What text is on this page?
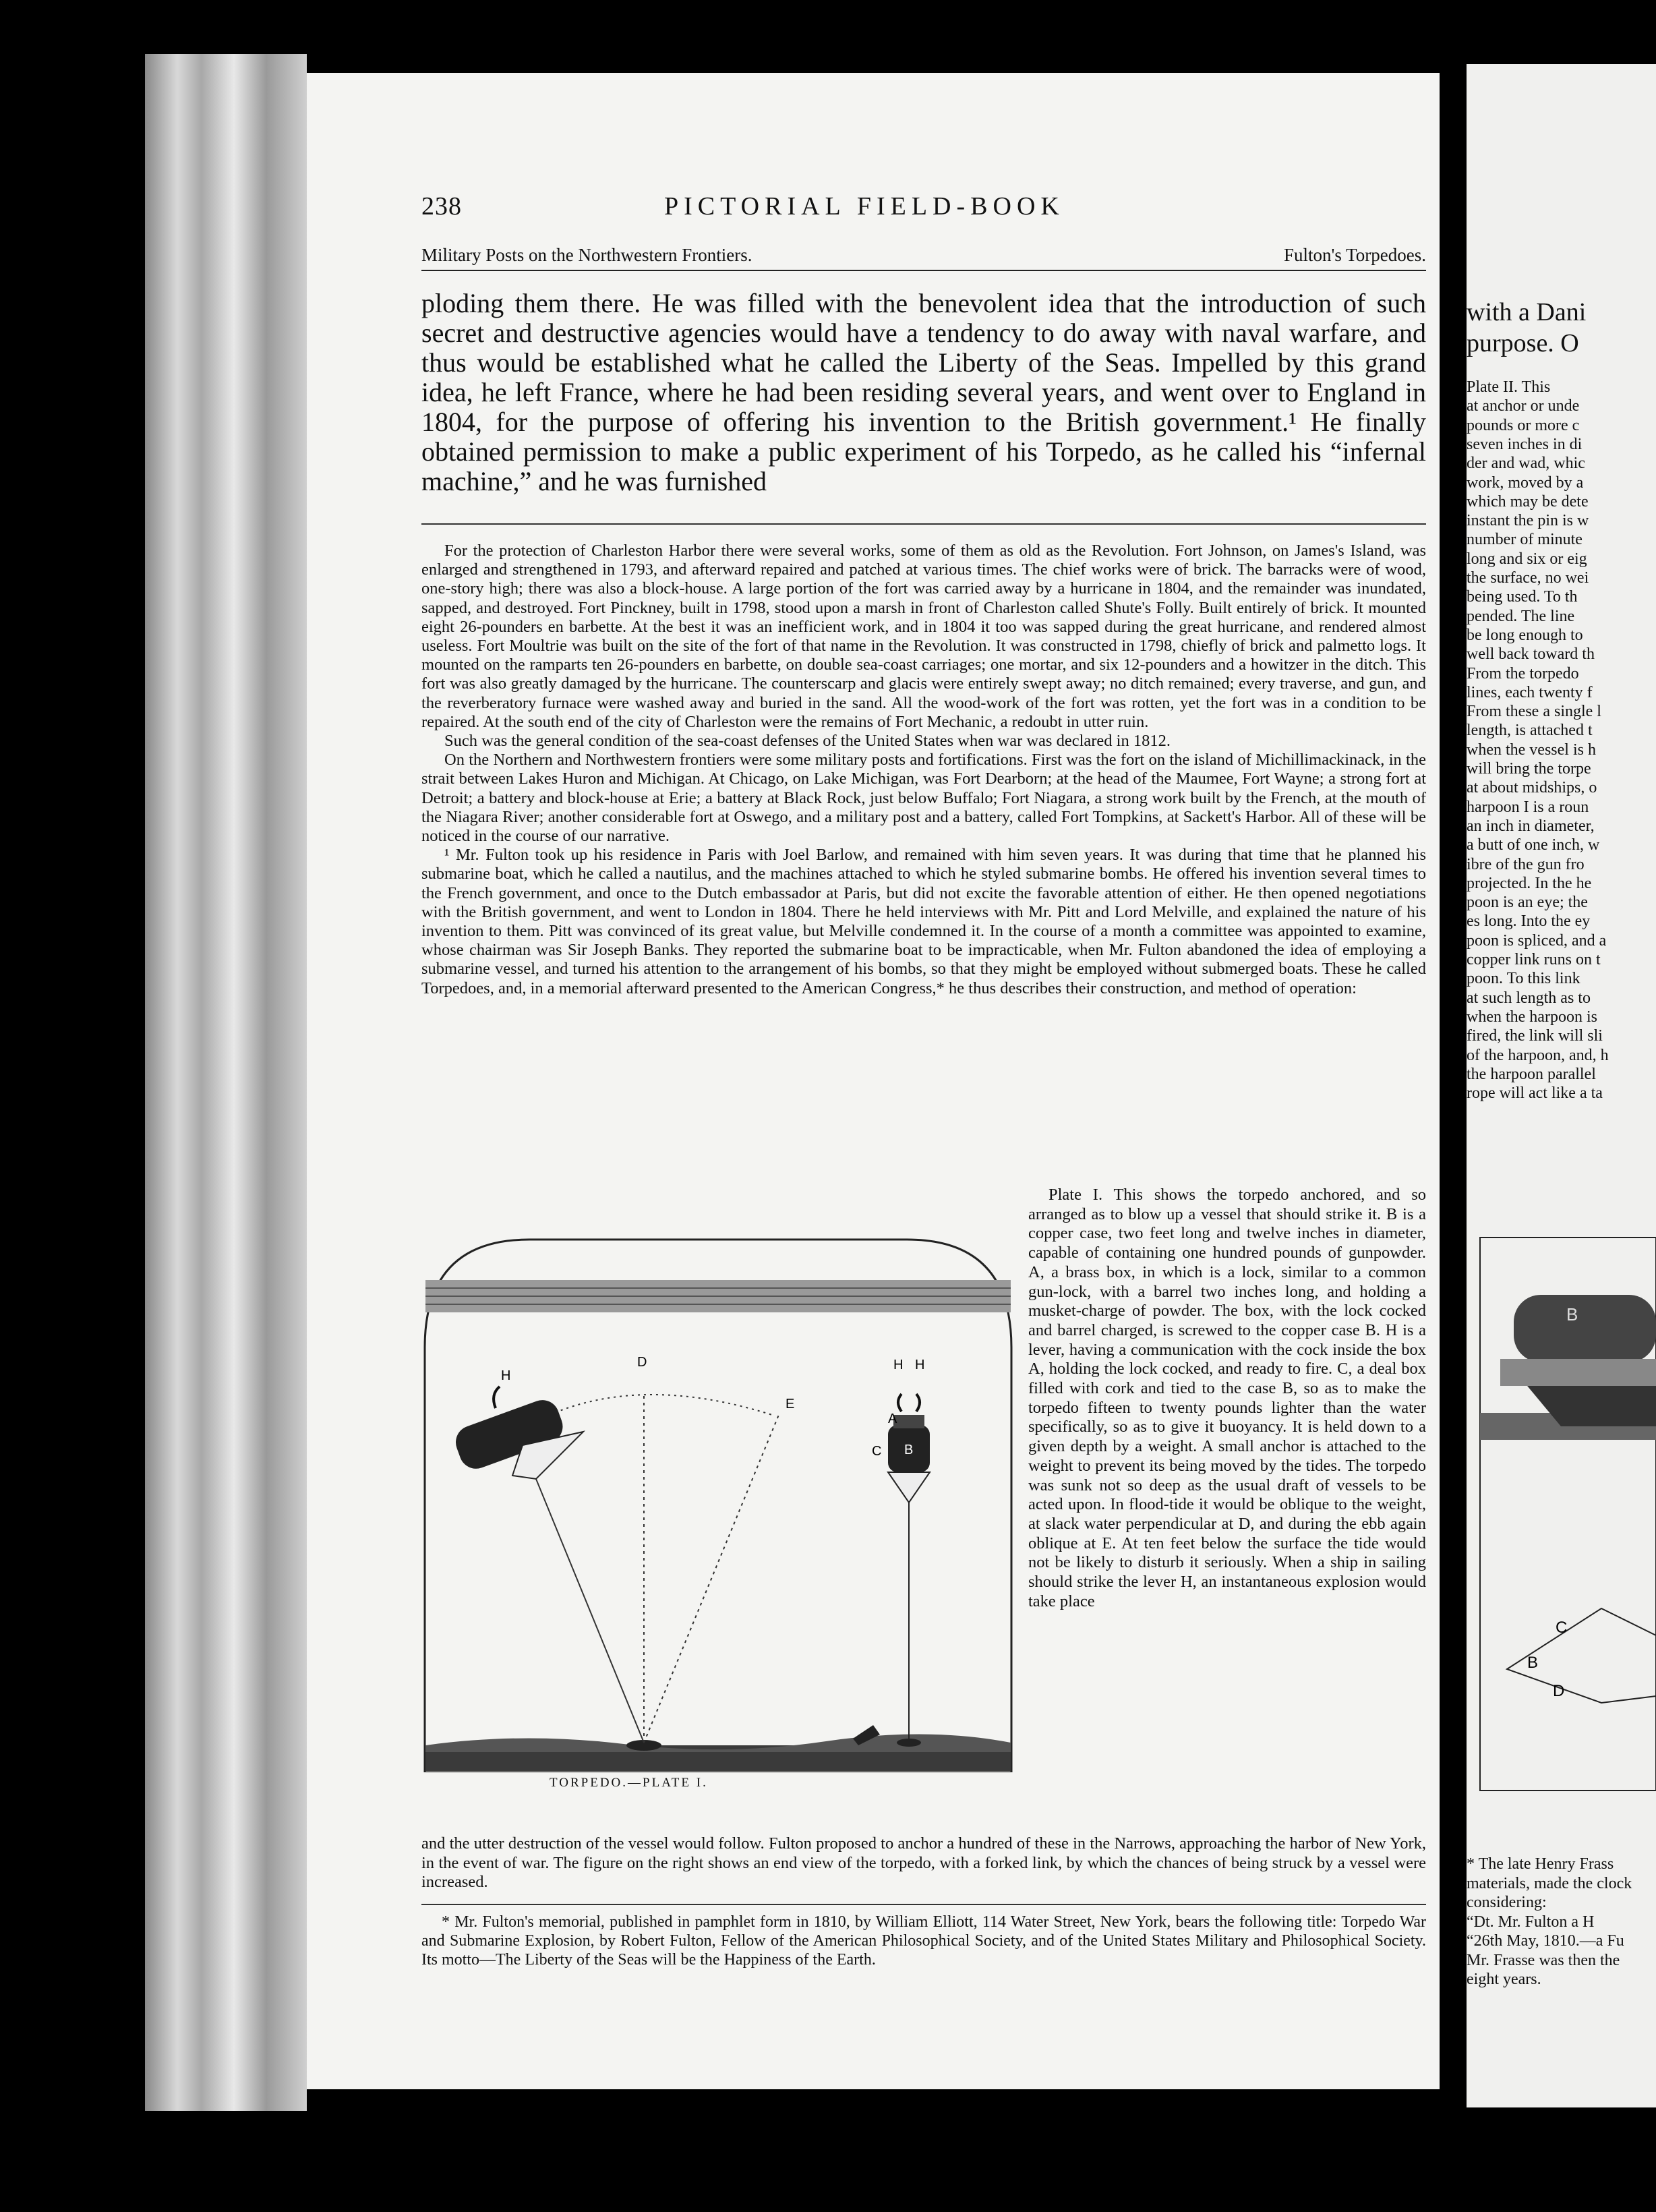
238	PICTORIAL FIELD-BOOK
Military Posts on the Northwestern Frontiers.	Fulton's Torpedoes.
ploding them there. He was filled with the benevolent idea that the introduction of such secret and destructive agencies would have a tendency to do away with naval warfare, and thus would be established what he called the Liberty of the Seas. Impelled by this grand idea, he left France, where he had been residing several years, and went over to England in 1804, for the purpose of offering his invention to the British government.¹ He finally obtained permission to make a public experiment of his Torpedo, as he called his “infernal machine,” and he was furnished

For the protection of Charleston Harbor there were several works, some of them as old as the Revolution. Fort Johnson, on James's Island, was enlarged and strengthened in 1793, and afterward repaired and patched at various times. The chief works were of brick. The barracks were of wood, one-story high; there was also a block-house. A large portion of the fort was carried away by a hurricane in 1804, and the remainder was inundated, sapped, and destroyed. Fort Pinckney, built in 1798, stood upon a marsh in front of Charleston called Shute's Folly. Built entirely of brick. It mounted eight 26-pounders en barbette. At the best it was an inefficient work, and in 1804 it too was sapped during the great hurricane, and rendered almost useless. Fort Moultrie was built on the site of the fort of that name in the Revolution. It was constructed in 1798, chiefly of brick and palmetto logs. It mounted on the ramparts ten 26-pounders en barbette, on double sea-coast carriages; one mortar, and six 12-pounders and a howitzer in the ditch. This fort was also greatly damaged by the hurricane. The counterscarp and glacis were entirely swept away; no ditch remained; every traverse, and gun, and the reverberatory furnace were washed away and buried in the sand. All the wood-work of the fort was rotten, yet the fort was in a condition to be repaired. At the south end of the city of Charleston were the remains of Fort Mechanic, a redoubt in utter ruin.

Such was the general condition of the sea-coast defenses of the United States when war was declared in 1812.

On the Northern and Northwestern frontiers were some military posts and fortifications. First was the fort on the island of Michillimackinack, in the strait between Lakes Huron and Michigan. At Chicago, on Lake Michigan, was Fort Dearborn; at the head of the Maumee, Fort Wayne; a strong fort at Detroit; a battery and block-house at Erie; a battery at Black Rock, just below Buffalo; Fort Niagara, a strong work built by the French, at the mouth of the Niagara River; another considerable fort at Oswego, and a military post and a battery, called Fort Tompkins, at Sackett's Harbor. All of these will be noticed in the course of our narrative.

¹ Mr. Fulton took up his residence in Paris with Joel Barlow, and remained with him seven years. It was during that time that he planned his submarine boat, which he called a nautilus, and the machines attached to which he styled submarine bombs. He offered his invention several times to the French government, and once to the Dutch embassador at Paris, but did not excite the favorable attention of either. He then opened negotiations with the British government, and went to London in 1804. There he held interviews with Mr. Pitt and Lord Melville, and explained the nature of his invention to them. Pitt was convinced of its great value, but Melville condemned it. In the course of a month a committee was appointed to examine, whose chairman was Sir Joseph Banks. They reported the submarine boat to be impracticable, when Mr. Fulton abandoned the idea of employing a submarine vessel, and turned his attention to the arrangement of his bombs, so that they might be employed without submerged boats. These he called Torpedoes, and, in a memorial afterward presented to the American Congress,* he thus describes their construction, and method of operation:

H
D
E
H H
A
B
C
TORPEDO.—PLATE I.

Plate I. This shows the torpedo anchored, and so arranged as to blow up a vessel that should strike it. B is a copper case, two feet long and twelve inches in diameter, capable of containing one hundred pounds of gunpowder. A, a brass box, in which is a lock, similar to a common gun-lock, with a barrel two inches long, and holding a musket-charge of powder. The box, with the lock cocked and barrel charged, is screwed to the copper case B. H is a lever, having a communication with the cock inside the box A, holding the lock cocked, and ready to fire. C, a deal box filled with cork and tied to the case B, so as to make the torpedo fifteen to twenty pounds lighter than the water specifically, so as to give it buoyancy. It is held down to a given depth by a weight. A small anchor is attached to the weight to prevent its being moved by the tides. The torpedo was sunk not so deep as the usual draft of vessels to be acted upon. In flood-tide it would be oblique to the weight, at slack water perpendicular at D, and during the ebb again oblique at E. At ten feet below the surface the tide would not be likely to disturb it seriously. When a ship in sailing should strike the lever H, an instantaneous explosion would take place

and the utter destruction of the vessel would follow. Fulton proposed to anchor a hundred of these in the Narrows, approaching the harbor of New York, in the event of war. The figure on the right shows an end view of the torpedo, with a forked link, by which the chances of being struck by a vessel were increased.

* Mr. Fulton's memorial, published in pamphlet form in 1810, by William Elliott, 114 Water Street, New York, bears the following title: Torpedo War and Submarine Explosion, by Robert Fulton, Fellow of the American Philosophical Society, and of the United States Military and Philosophical Society. Its motto—The Liberty of the Seas will be the Happiness of the Earth.

with a Dani
purpose. O
Plate II. This
at anchor or unde
pounds or more c
seven inches in di
der and wad, whic
work, moved by a
which may be dete
instant the pin is w
number of minute
long and six or eig
the surface, no wei
being used. To th
pended. The line
be long enough to
well back toward th
From the torpedo
lines, each twenty f
From these a single l
length, is attached t
when the vessel is h
will bring the torpe
at about midships, o
harpoon I is a roun
an inch in diameter,
a butt of one inch, w
ibre of the gun fro
projected. In the he
poon is an eye; the
es long. Into the ey
poon is spliced, and a
copper link runs on t
poon. To this link
at such length as to
when the harpoon is
fired, the link will sli
of the harpoon, and, h
the harpoon parallel
rope will act like a ta
B
C
B
D
* The late Henry Frass
materials, made the clock
considering:
“Dt. Mr. Fulton a H
“26th May, 1810.—a Fu
Mr. Frasse was then the
eight years.
